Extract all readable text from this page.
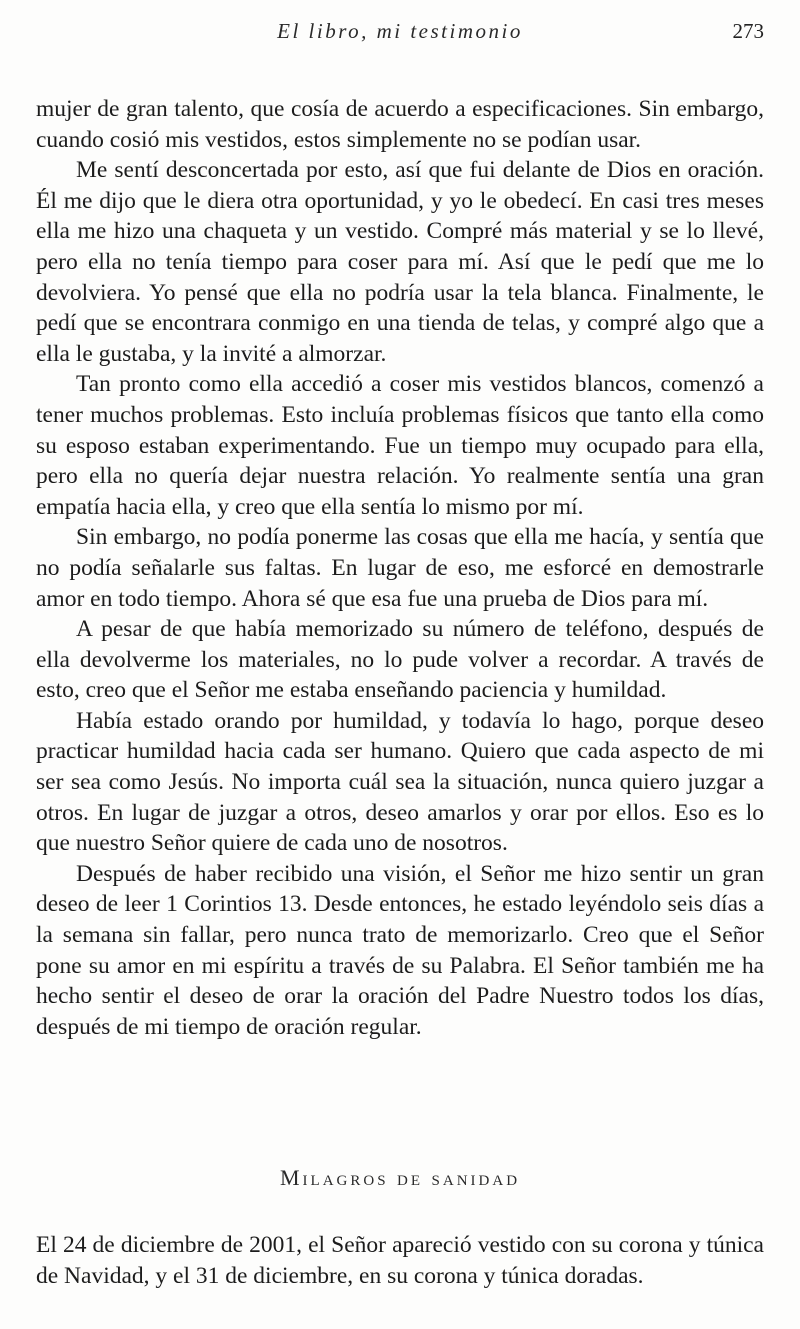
El libro, mi testimonio	273

mujer de gran talento, que cosía de acuerdo a especificaciones. Sin embargo, cuando cosió mis vestidos, estos simplemente no se podían usar.

Me sentí desconcertada por esto, así que fui delante de Dios en oración. Él me dijo que le diera otra oportunidad, y yo le obedecí. En casi tres meses ella me hizo una chaqueta y un vestido. Compré más material y se lo llevé, pero ella no tenía tiempo para coser para mí. Así que le pedí que me lo devolviera. Yo pensé que ella no podría usar la tela blanca. Finalmente, le pedí que se encontrara conmigo en una tienda de telas, y compré algo que a ella le gustaba, y la invité a almorzar.

Tan pronto como ella accedió a coser mis vestidos blancos, comenzó a tener muchos problemas. Esto incluía problemas físicos que tanto ella como su esposo estaban experimentando. Fue un tiempo muy ocupado para ella, pero ella no quería dejar nuestra relación. Yo realmente sentía una gran empatía hacia ella, y creo que ella sentía lo mismo por mí.

Sin embargo, no podía ponerme las cosas que ella me hacía, y sentía que no podía señalarle sus faltas. En lugar de eso, me esforcé en demostrarle amor en todo tiempo. Ahora sé que esa fue una prueba de Dios para mí.

A pesar de que había memorizado su número de teléfono, después de ella devolverme los materiales, no lo pude volver a recordar. A través de esto, creo que el Señor me estaba enseñando paciencia y humildad.

Había estado orando por humildad, y todavía lo hago, porque deseo practicar humildad hacia cada ser humano. Quiero que cada aspecto de mi ser sea como Jesús. No importa cuál sea la situación, nunca quiero juzgar a otros. En lugar de juzgar a otros, deseo amarlos y orar por ellos. Eso es lo que nuestro Señor quiere de cada uno de nosotros.

Después de haber recibido una visión, el Señor me hizo sentir un gran deseo de leer 1 Corintios 13. Desde entonces, he estado leyéndolo seis días a la semana sin fallar, pero nunca trato de memorizarlo. Creo que el Señor pone su amor en mi espíritu a través de su Palabra. El Señor también me ha hecho sentir el deseo de orar la oración del Padre Nuestro todos los días, después de mi tiempo de oración regular.

Milagros de sanidad

El 24 de diciembre de 2001, el Señor apareció vestido con su corona y túnica de Navidad, y el 31 de diciembre, en su corona y túnica doradas.
